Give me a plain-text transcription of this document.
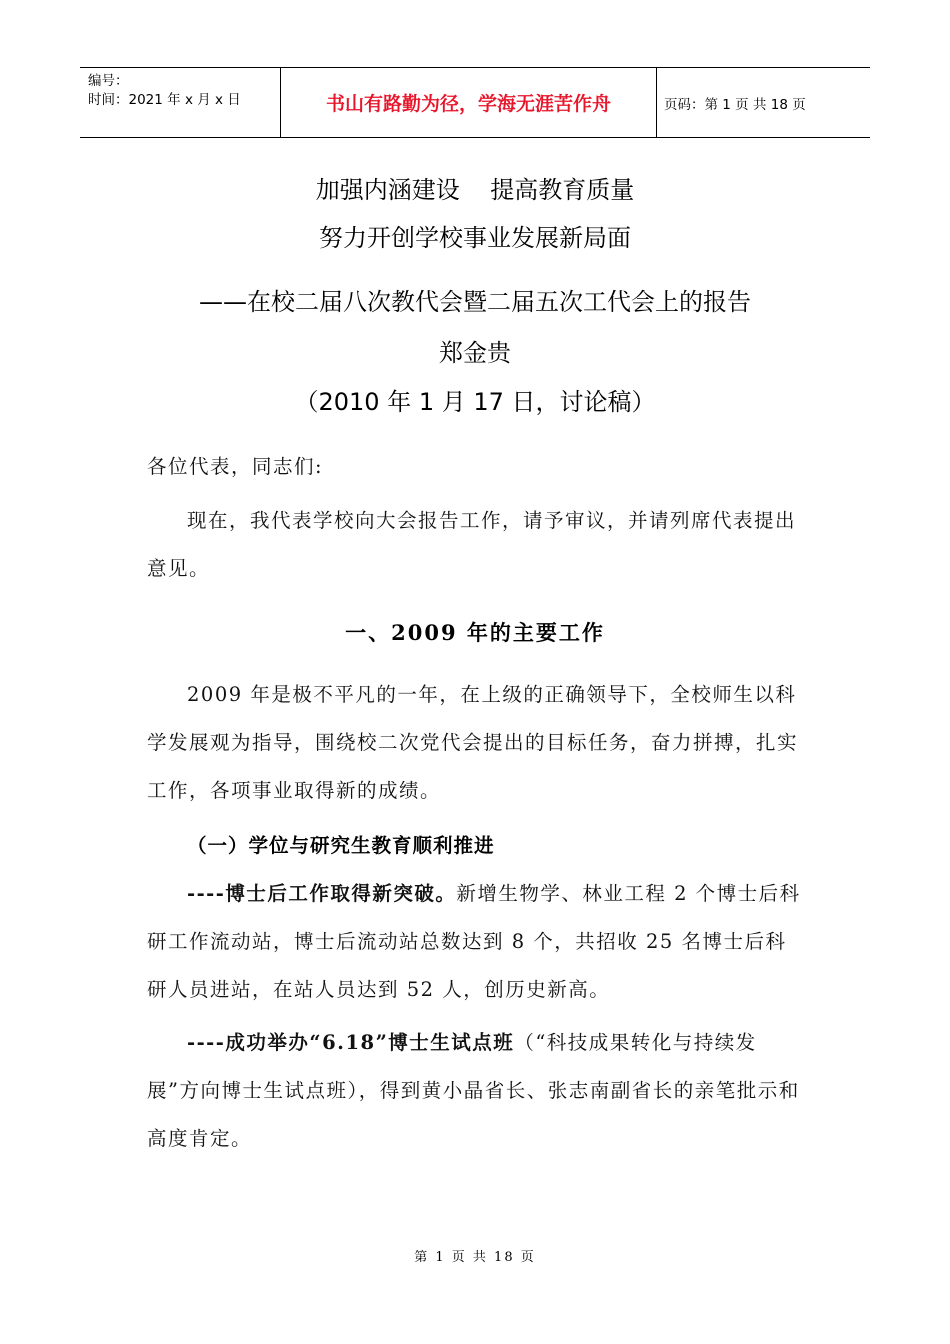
编号：
时间：2021 年 x 月 x 日	书山有路勤为径，学海无涯苦作舟	页码：第 1 页 共 18 页
加强内涵建设    提高教育质量
努力开创学校事业发展新局面
——在校二届八次教代会暨二届五次工代会上的报告
郑金贵
（2010 年 1 月 17 日，讨论稿）
各位代表，同志们:
现在，我代表学校向大会报告工作，请予审议，并请列席代表提出意见。
一、2009 年的主要工作
2009 年是极不平凡的一年，在上级的正确领导下，全校师生以科学发展观为指导，围绕校二次党代会提出的目标任务，奋力拼搏，扎实工作，各项事业取得新的成绩。
（一）学位与研究生教育顺利推进
----博士后工作取得新突破。新增生物学、林业工程 2 个博士后科研工作流动站，博士后流动站总数达到 8 个，共招收 25 名博士后科研人员进站，在站人员达到 52 人，创历史新高。
----成功举办“6.18”博士生试点班（“科技成果转化与持续发展”方向博士生试点班），得到黄小晶省长、张志南副省长的亲笔批示和高度肯定。
第 1 页 共 18 页
